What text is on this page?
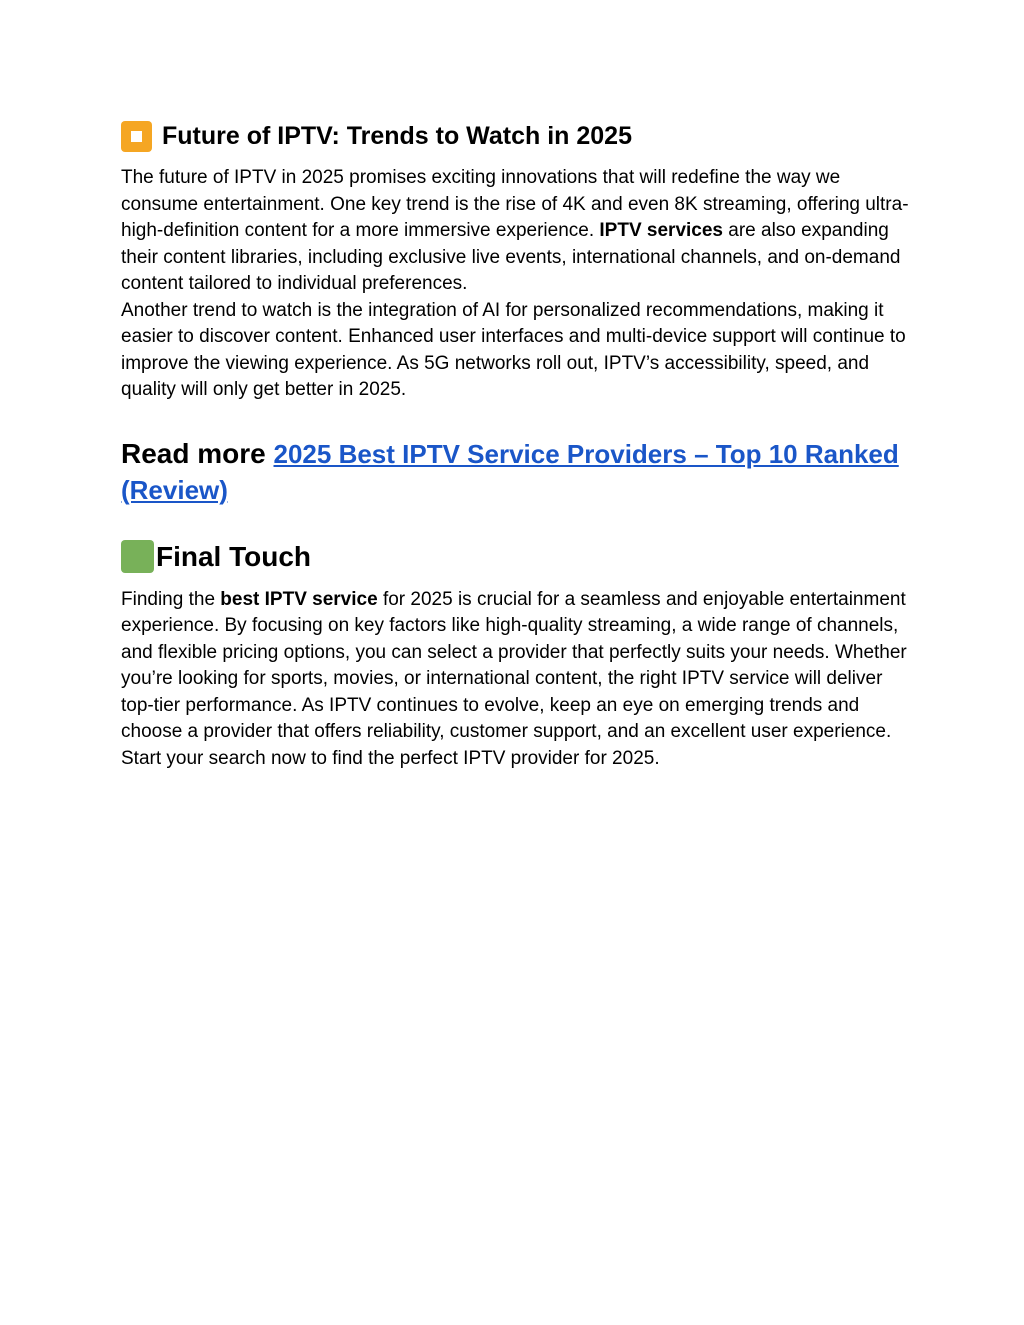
Future of IPTV: Trends to Watch in 2025

The future of IPTV in 2025 promises exciting innovations that will redefine the way we consume entertainment. One key trend is the rise of 4K and even 8K streaming, offering ultra-high-definition content for a more immersive experience. IPTV services are also expanding their content libraries, including exclusive live events, international channels, and on-demand content tailored to individual preferences.

Another trend to watch is the integration of AI for personalized recommendations, making it easier to discover content. Enhanced user interfaces and multi-device support will continue to improve the viewing experience. As 5G networks roll out, IPTV’s accessibility, speed, and quality will only get better in 2025.

Read more 2025 Best IPTV Service Providers – Top 10 Ranked (Review)
Final Touch

Finding the best IPTV service for 2025 is crucial for a seamless and enjoyable entertainment experience. By focusing on key factors like high-quality streaming, a wide range of channels, and flexible pricing options, you can select a provider that perfectly suits your needs. Whether you’re looking for sports, movies, or international content, the right IPTV service will deliver top-tier performance. As IPTV continues to evolve, keep an eye on emerging trends and choose a provider that offers reliability, customer support, and an excellent user experience. Start your search now to find the perfect IPTV provider for 2025.
